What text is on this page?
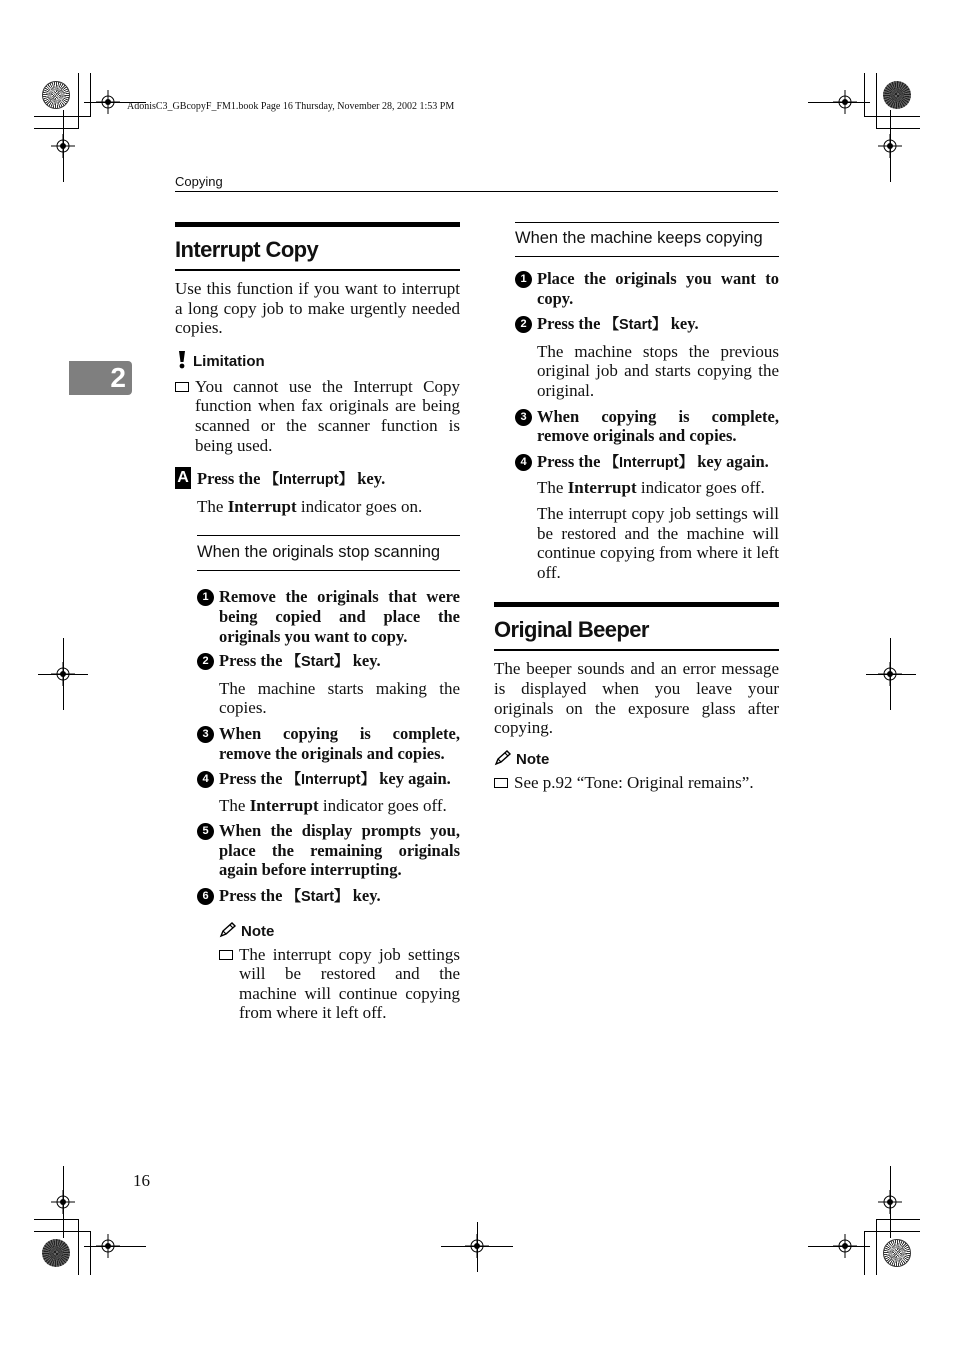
AdonisC3_GBcopyF_FM1.book Page 16 Thursday, November 28, 2002 1:53 PM
Copying
2
Interrupt Copy

Use this function if you want to interrupt a long copy job to make urgently needed copies.

Limitation
You cannot use the Interrupt Copy function when fax originals are being scanned or the scanner function is being used.
A Press the 【Interrupt】 key.
The Interrupt indicator goes on.
When the originals stop scanning
1 Remove the originals that were being copied and place the originals you want to copy.
2 Press the 【Start】 key.
The machine starts making the copies.
3 When copying is complete, remove the originals and copies.
4 Press the 【Interrupt】 key again.
The Interrupt indicator goes off.
5 When the display prompts you, place the remaining originals again before interrupting.
6 Press the 【Start】 key.
Note
The interrupt copy job settings will be restored and the machine will continue copying from where it left off.
When the machine keeps copying
1 Place the originals you want to copy.
2 Press the 【Start】 key.
The machine stops the previous original job and starts copying the original.
3 When copying is complete, remove originals and copies.
4 Press the 【Interrupt】 key again.
The Interrupt indicator goes off.
The interrupt copy job settings will be restored and the machine will continue copying from where it left off.
Original Beeper

The beeper sounds and an error message is displayed when you leave your originals on the exposure glass after copying.

Note
See p.92 “Tone: Original remains”.
16
